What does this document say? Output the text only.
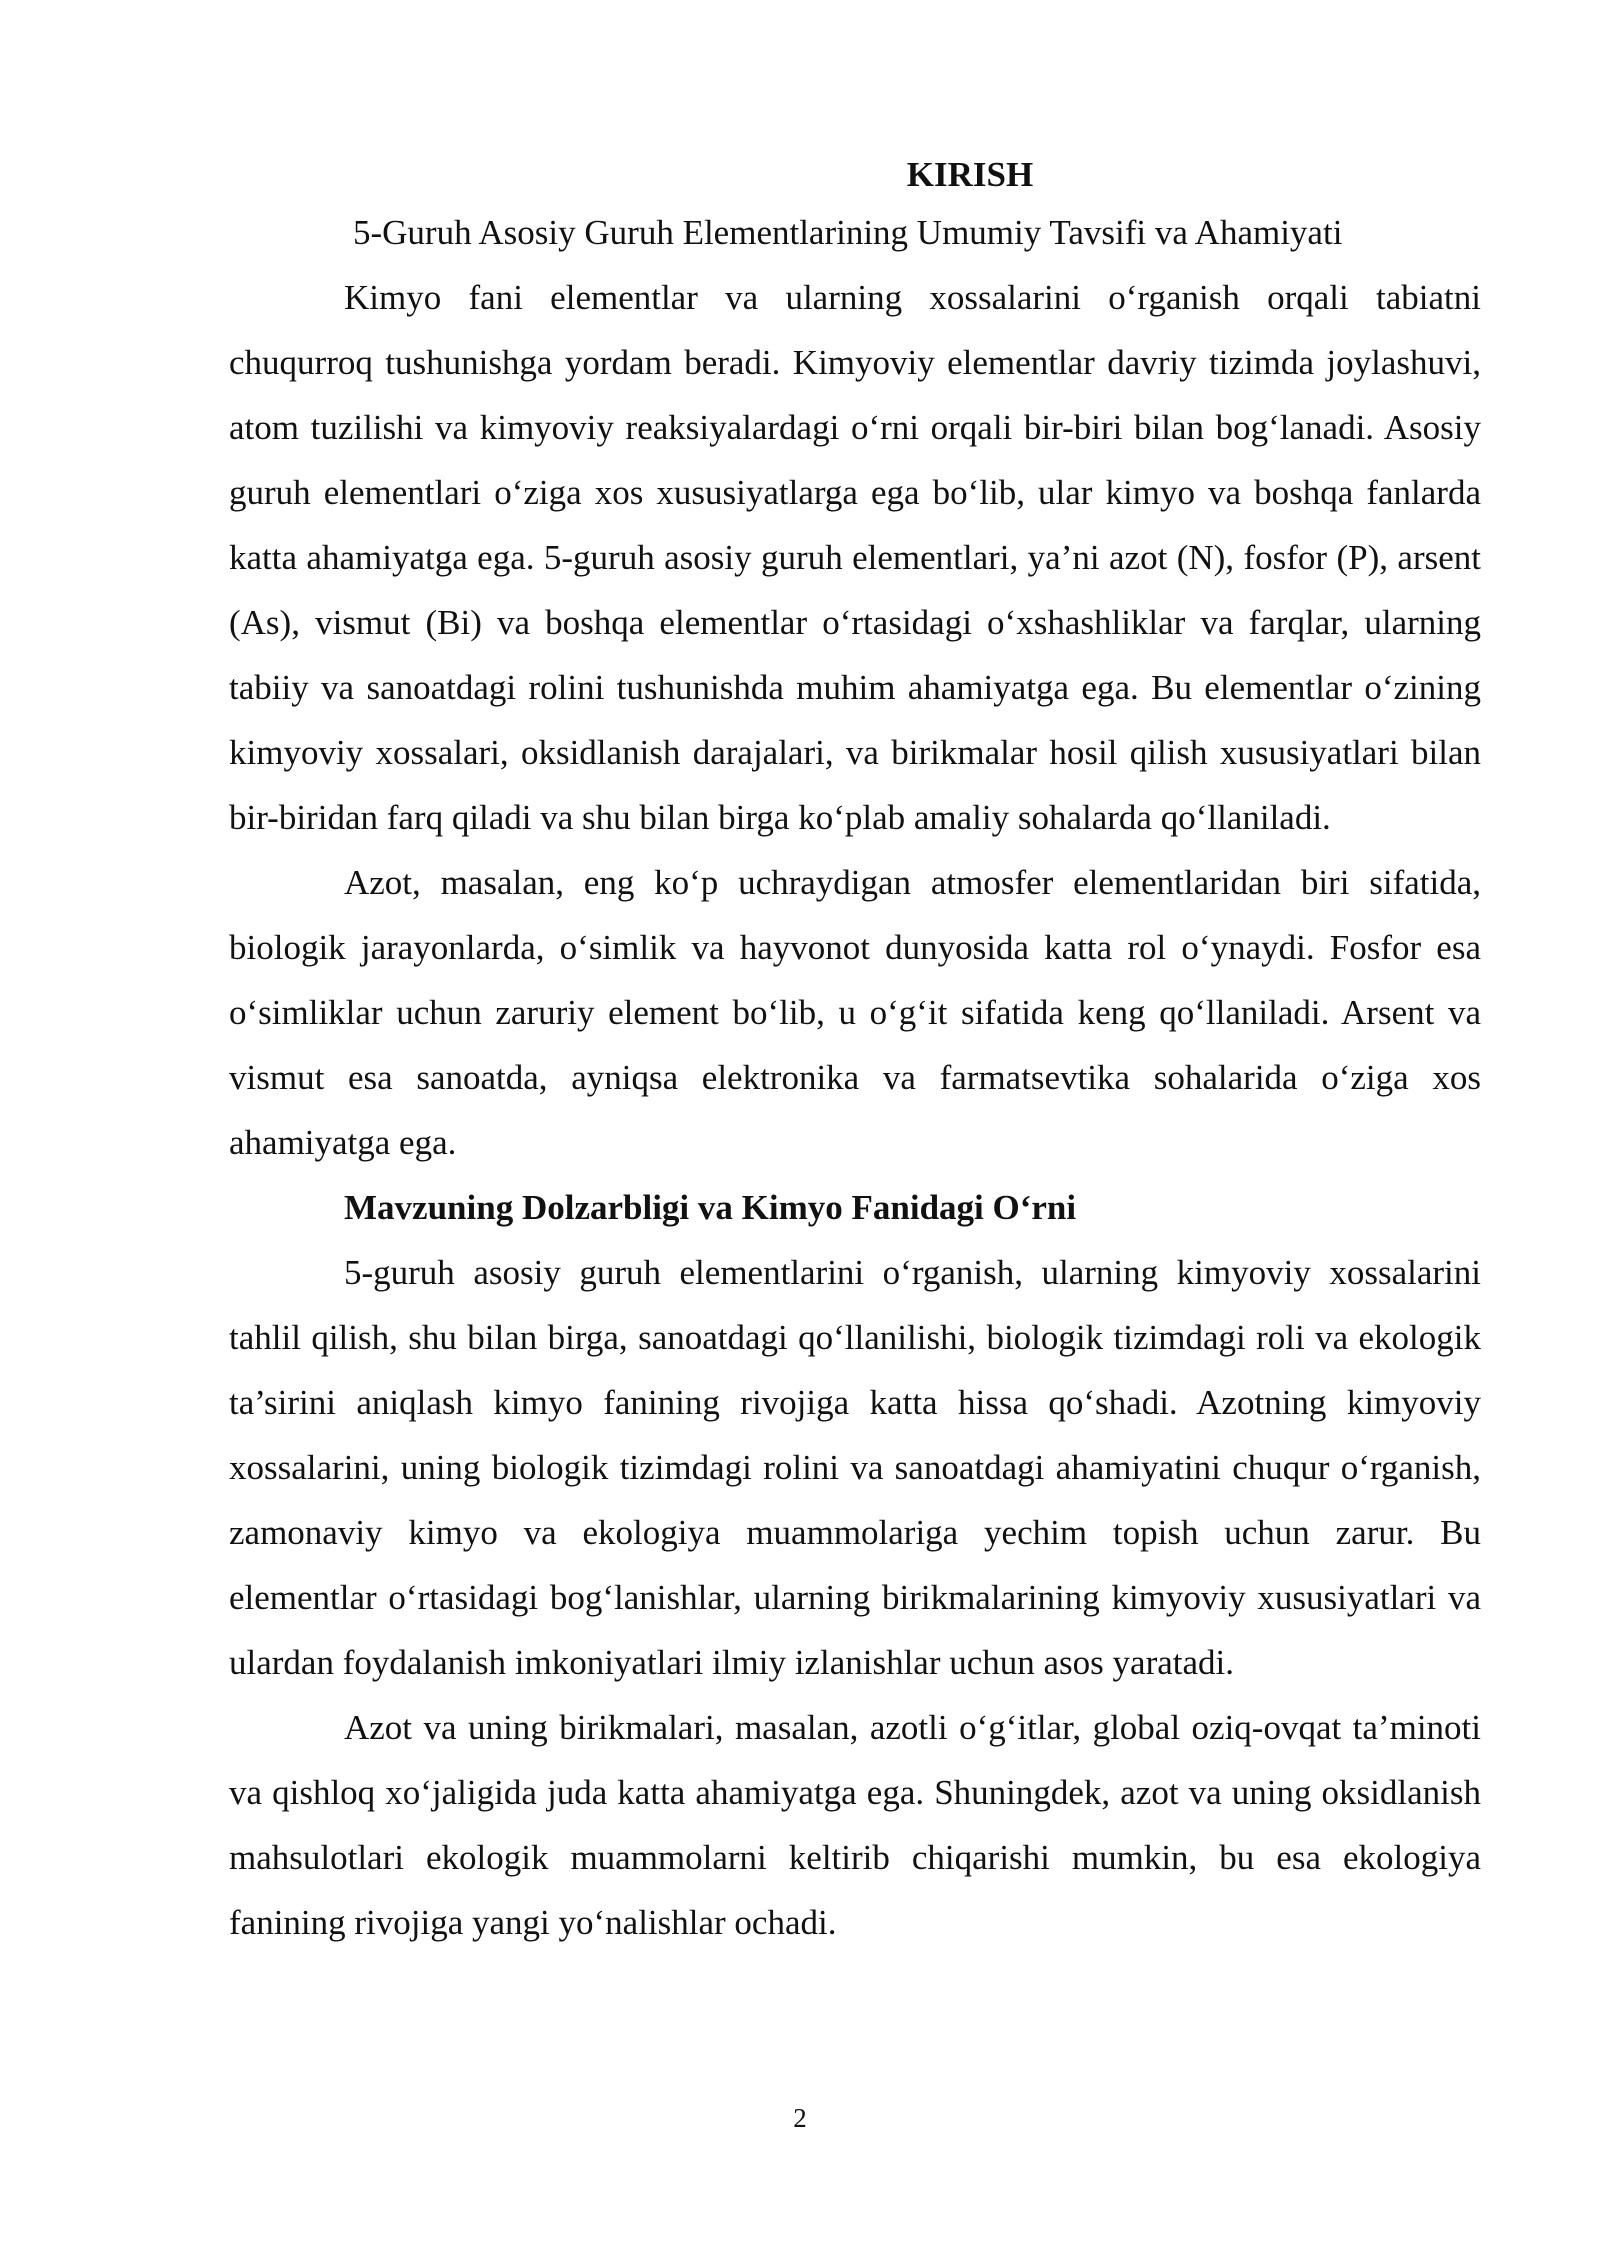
KIRISH

5-Guruh Asosiy Guruh Elementlarining Umumiy Tavsifi va Ahamiyati

Kimyo fani elementlar va ularning xossalarini o‘rganish orqali tabiatni chuqurroq tushunishga yordam beradi. Kimyoviy elementlar davriy tizimda joylashuvi, atom tuzilishi va kimyoviy reaksiyalardagi o‘rni orqali bir-biri bilan bog‘lanadi. Asosiy guruh elementlari o‘ziga xos xususiyatlarga ega bo‘lib, ular kimyo va boshqa fanlarda katta ahamiyatga ega. 5-guruh asosiy guruh elementlari, ya’ni azot (N), fosfor (P), arsent (As), vismut (Bi) va boshqa elementlar o‘rtasidagi o‘xshashliklar va farqlar, ularning tabiiy va sanoatdagi rolini tushunishda muhim ahamiyatga ega. Bu elementlar o‘zining kimyoviy xossalari, oksidlanish darajalari, va birikmalar hosil qilish xususiyatlari bilan bir-biridan farq qiladi va shu bilan birga ko‘plab amaliy sohalarda qo‘llaniladi.

Azot, masalan, eng ko‘p uchraydigan atmosfer elementlaridan biri sifatida, biologik jarayonlarda, o‘simlik va hayvonot dunyosida katta rol o‘ynaydi. Fosfor esa o‘simliklar uchun zaruriy element bo‘lib, u o‘g‘it sifatida keng qo‘llaniladi. Arsent va vismut esa sanoatda, ayniqsa elektronika va farmatsevtika sohalarida o‘ziga xos ahamiyatga ega.

Mavzuning Dolzarbligi va Kimyo Fanidagi O‘rni

5-guruh asosiy guruh elementlarini o‘rganish, ularning kimyoviy xossalarini tahlil qilish, shu bilan birga, sanoatdagi qo‘llanilishi, biologik tizimdagi roli va ekologik ta’sirini aniqlash kimyo fanining rivojiga katta hissa qo‘shadi. Azotning kimyoviy xossalarini, uning biologik tizimdagi rolini va sanoatdagi ahamiyatini chuqur o‘rganish, zamonaviy kimyo va ekologiya muammolariga yechim topish uchun zarur. Bu elementlar o‘rtasidagi bog‘lanishlar, ularning birikmalarining kimyoviy xususiyatlari va ulardan foydalanish imkoniyatlari ilmiy izlanishlar uchun asos yaratadi.

Azot va uning birikmalari, masalan, azotli o‘g‘itlar, global oziq-ovqat ta’minoti va qishloq xo‘jaligida juda katta ahamiyatga ega. Shuningdek, azot va uning oksidlanish mahsulotlari ekologik muammolarni keltirib chiqarishi mumkin, bu esa ekologiya fanining rivojiga yangi yo‘nalishlar ochadi.

2
